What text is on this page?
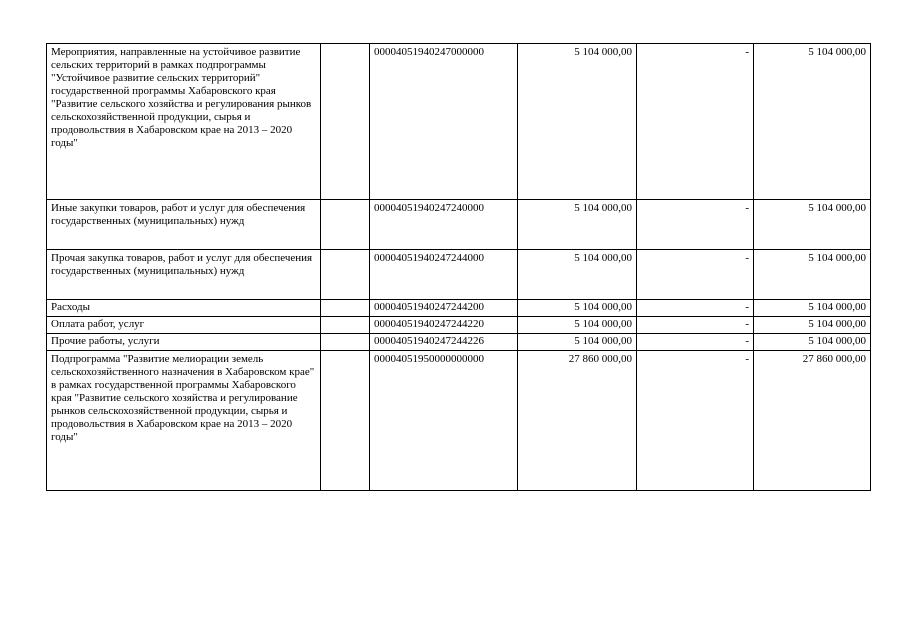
Мероприятия, направленные на устойчивое развитие сельских территорий в рамках подпрограммы "Устойчивое развитие сельских территорий" государственной программы Хабаровского края "Развитие сельского хозяйства и регулирования рынков сельскохозяйственной продукции, сырья и продовольствия в Хабаровском крае на 2013 – 2020 годы"		00004051940247000000	5 104 000,00	-	5 104 000,00
Иные закупки товаров, работ и услуг для обеспечения государственных (муниципальных) нужд		00004051940247240000	5 104 000,00	-	5 104 000,00
Прочая закупка товаров, работ и услуг для обеспечения государственных (муниципальных) нужд		00004051940247244000	5 104 000,00	-	5 104 000,00
Расходы		00004051940247244200	5 104 000,00	-	5 104 000,00
Оплата работ, услуг		00004051940247244220	5 104 000,00	-	5 104 000,00
Прочие работы, услуги		00004051940247244226	5 104 000,00	-	5 104 000,00
Подпрограмма "Развитие мелиорации земель сельскохозяйственного назначения в Хабаровском крае" в рамках государственной программы Хабаровского края "Развитие сельского хозяйства и регулирование рынков сельскохозяйственной продукции, сырья и продовольствия в Хабаровском крае на 2013 – 2020 годы"		00004051950000000000	27 860 000,00	-	27 860 000,00
